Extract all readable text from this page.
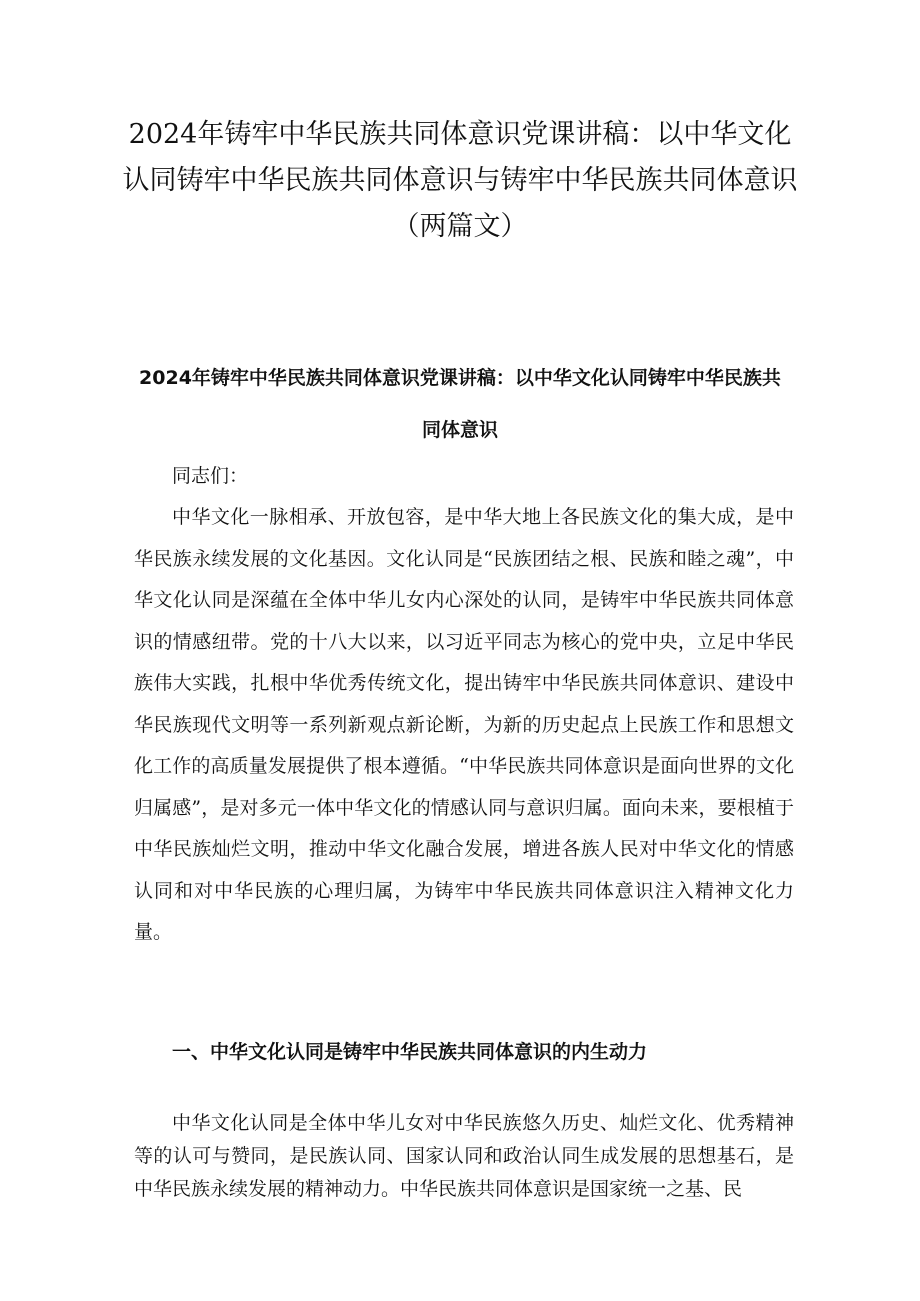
2024年铸牢中华民族共同体意识党课讲稿：以中华文化认同铸牢中华民族共同体意识与铸牢中华民族共同体意识（两篇文）
2024年铸牢中华民族共同体意识党课讲稿：以中华文化认同铸牢中华民族共同体意识

同志们：

中华文化一脉相承、开放包容，是中华大地上各民族文化的集大成，是中华民族永续发展的文化基因。文化认同是“民族团结之根、民族和睦之魂”，中华文化认同是深蕴在全体中华儿女内心深处的认同，是铸牢中华民族共同体意识的情感纽带。党的十八大以来，以习近平同志为核心的党中央，立足中华民族伟大实践，扎根中华优秀传统文化，提出铸牢中华民族共同体意识、建设中华民族现代文明等一系列新观点新论断，为新的历史起点上民族工作和思想文化工作的高质量发展提供了根本遵循。“中华民族共同体意识是面向世界的文化归属感”，是对多元一体中华文化的情感认同与意识归属。面向未来，要根植于中华民族灿烂文明，推动中华文化融合发展，增进各族人民对中华文化的情感认同和对中华民族的心理归属，为铸牢中华民族共同体意识注入精神文化力量。

一、中华文化认同是铸牢中华民族共同体意识的内生动力

中华文化认同是全体中华儿女对中华民族悠久历史、灿烂文化、优秀精神等的认可与赞同，是民族认同、国家认同和政治认同生成发展的思想基石，是中华民族永续发展的精神动力。中华民族共同体意识是国家统一之基、民
